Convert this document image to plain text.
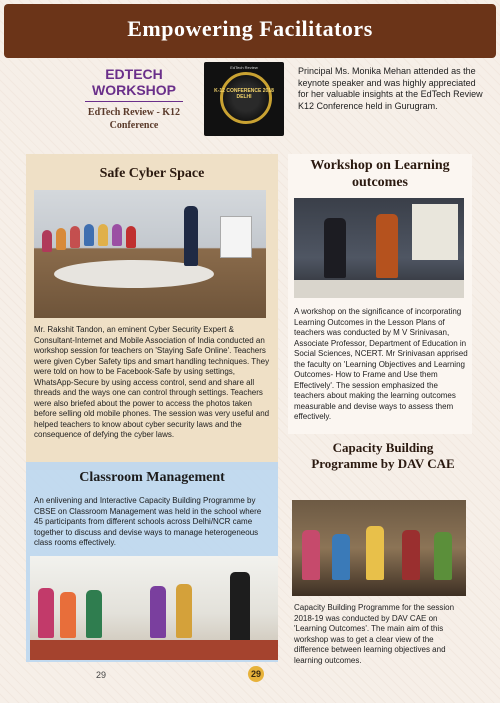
Empowering Facilitators
EDTECH WORKSHOP
EdTech Review - K12 Conference
EdTech Review
K-12 CONFERENCE 2018 DELHI
Principal Ms. Monika Mehan attended as the keynote speaker and was highly appreciated for her valuable insights at the EdTech Review K12 Conference held in Gurugram.
Safe Cyber Space
Workshop on Learning outcomes
Mr. Rakshit Tandon, an eminent Cyber Security Expert & Consultant-Internet and Mobile Association of India conducted an workshop session for teachers on 'Staying Safe Online'. Teachers were given Cyber Safety tips and smart handling techniques. They were told on how to be Facebook-Safe by using settings, WhatsApp-Secure by using access control, send and share all threads and the ways one can control through settings. Teachers were also briefed about the power to access the photos taken before selling old mobile phones. The session was very useful and helped teachers to know about cyber security laws and the consequence of defying the cyber laws.
A workshop on the significance of incorporating Learning Outcomes in the Lesson Plans of teachers was conducted by M V Srinivasan, Associate Professor, Department of Education in Social Sciences, NCERT. Mr Srinivasan apprised the faculty on 'Learning Objectives and Learning Outcomes- How to Frame and Use them Effectively'. The session emphasized the teachers about making the learning outcomes measurable and devise ways to assess them effectively.
Classroom Management
An enlivening and Interactive Capacity Building Programme by CBSE on Classroom Management was held in the school where 45 participants from different schools across Delhi/NCR came together to discuss and devise ways to manage heterogeneous class rooms effectively.
Capacity Building Programme by DAV CAE
Capacity Building Programme for the session 2018-19 was conducted by DAV CAE on 'Learning Outcomes'. The main aim of this workshop was to get a clear view of the difference between learning objectives and learning outcomes.
29	29
